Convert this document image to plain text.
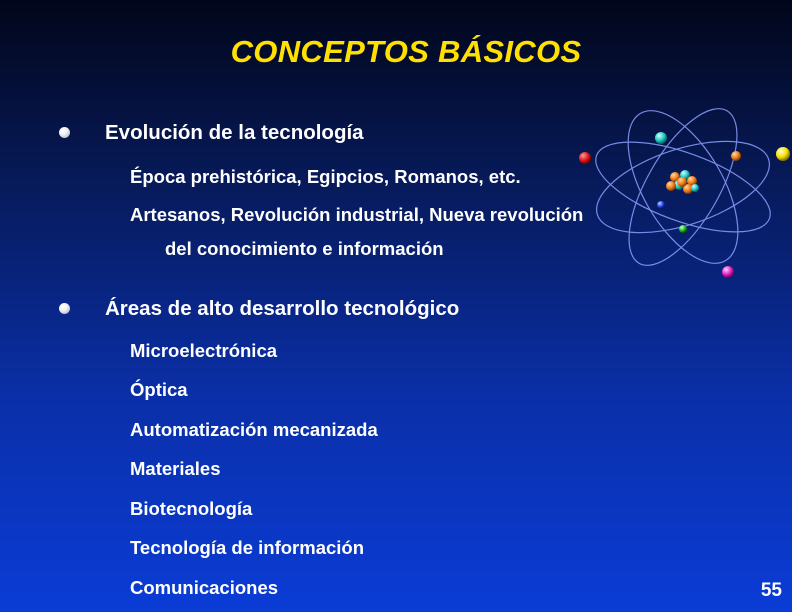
CONCEPTOS BÁSICOS
Evolución de la tecnología
Época prehistórica, Egipcios, Romanos, etc.
Artesanos, Revolución industrial, Nueva revolución
del conocimiento e información
Áreas de alto desarrollo tecnológico
Microelectrónica
Óptica
Automatización mecanizada
Materiales
Biotecnología
Tecnología de información
Comunicaciones	55
